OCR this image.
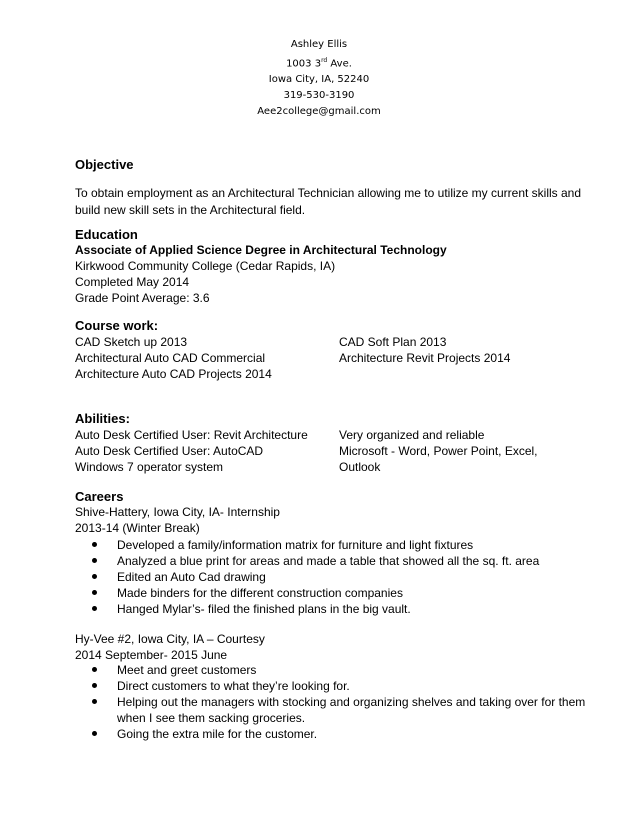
Ashley Ellis
1003 3rd Ave.
Iowa City, IA, 52240
319-530-3190
Aee2college@gmail.com
Objective
To obtain employment as an Architectural Technician allowing me to utilize my current skills and
build new skill sets in the Architectural field.
Education
Associate of Applied Science Degree in Architectural Technology
Kirkwood Community College (Cedar Rapids, IA)
Completed May 2014
Grade Point Average: 3.6
Course work:
CAD Sketch up 2013
Architectural Auto CAD Commercial
Architecture Auto CAD Projects 2014
CAD Soft Plan 2013
Architecture Revit Projects 2014
Abilities:
Auto Desk Certified User: Revit Architecture
Auto Desk Certified User: AutoCAD
Windows 7 operator system
Very organized and reliable
Microsoft - Word, Power Point, Excel,
Outlook
Careers
Shive-Hattery, Iowa City, IA- Internship
2013-14 (Winter Break)
Developed a family/information matrix for furniture and light fixtures
Analyzed a blue print for areas and made a table that showed all the sq. ft. area
Edited an Auto Cad drawing
Made binders for the different construction companies
Hanged Mylar’s- filed the finished plans in the big vault.
Hy-Vee #2, Iowa City, IA – Courtesy
2014 September- 2015 June
Meet and greet customers
Direct customers to what they’re looking for.
Helping out the managers with stocking and organizing shelves and taking over for them when I see them sacking groceries.
Going the extra mile for the customer.
